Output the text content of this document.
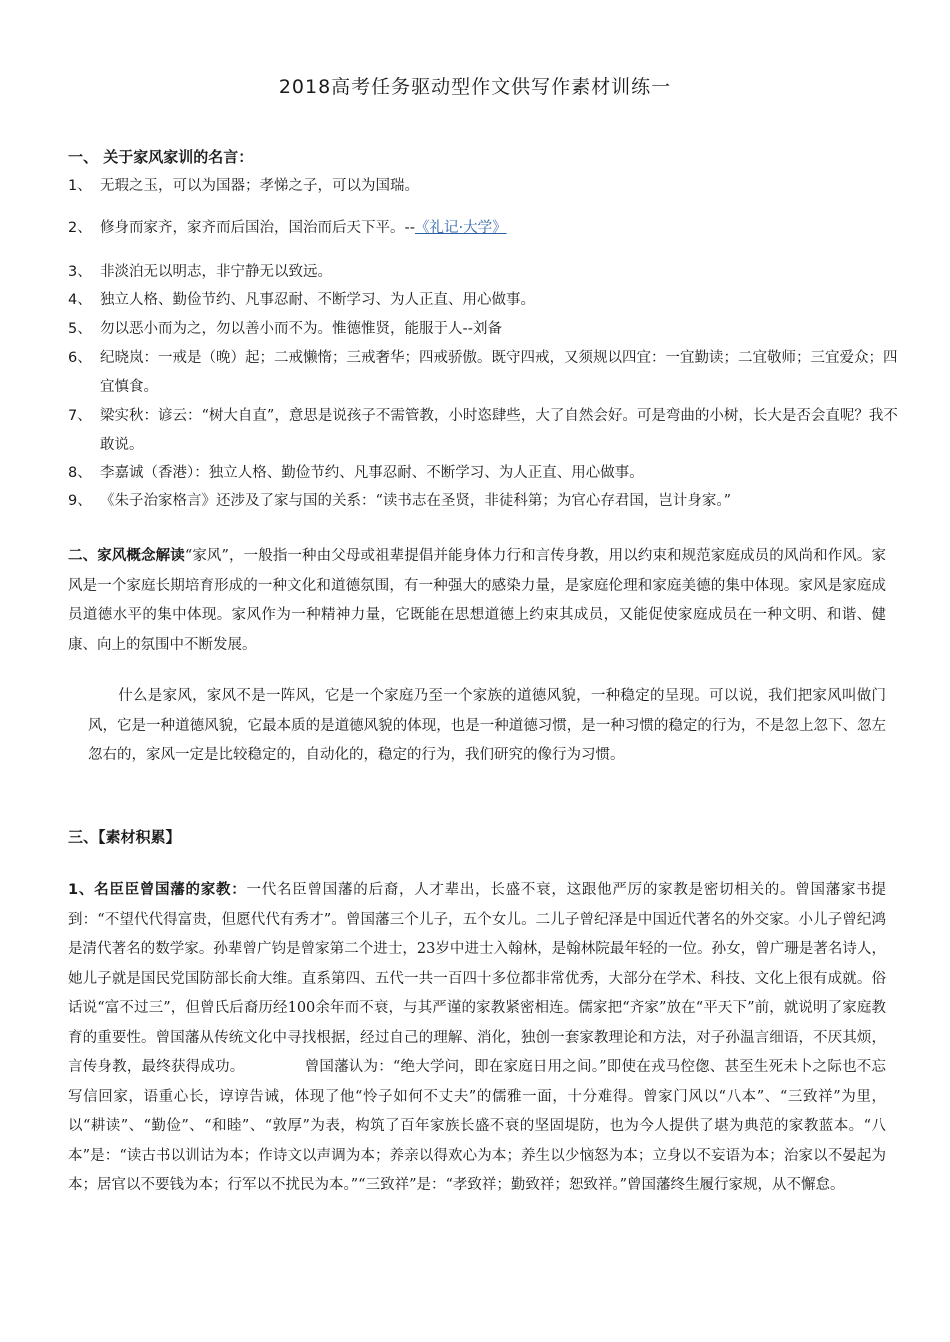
2018高考任务驱动型作文供写作素材训练一
一、 关于家风家训的名言：
1、 无瑕之玉，可以为国器；孝悌之子，可以为国瑞。
2、 修身而家齐，家齐而后国治，国治而后天下平。--《礼记·大学》
3、 非淡泊无以明志，非宁静无以致远。
4、 独立人格、勤俭节约、凡事忍耐、不断学习、为人正直、用心做事。
5、 勿以恶小而为之，勿以善小而不为。惟德惟贤，能服于人--刘备
6、 纪晓岚：一戒是（晚）起；二戒懒惰；三戒奢华；四戒骄傲。既守四戒，又须规以四宜：一宜勤读；二宜敬师；三宜爱众；四宜慎食。
7、 梁实秋：谚云：“树大自直”，意思是说孩子不需管教，小时恣肆些，大了自然会好。可是弯曲的小树，长大是否会直呢？我不敢说。
8、 李嘉诚（香港）：独立人格、勤俭节约、凡事忍耐、不断学习、为人正直、用心做事。
9、 《朱子治家格言》还涉及了家与国的关系：“读书志在圣贤，非徒科第；为官心存君国，岂计身家。”
二、家风概念解读“家风”，一般指一种由父母或祖辈提倡并能身体力行和言传身教，用以约束和规范家庭成员的风尚和作风。家风是一个家庭长期培育形成的一种文化和道德氛围，有一种强大的感染力量，是家庭伦理和家庭美德的集中体现。家风是家庭成员道德水平的集中体现。家风作为一种精神力量，它既能在思想道德上约束其成员，又能促使家庭成员在一种文明、和谐、健康、向上的氛围中不断发展。
什么是家风，家风不是一阵风，它是一个家庭乃至一个家族的道德风貌，一种稳定的呈现。可以说，我们把家风叫做门风，它是一种道德风貌，它最本质的是道德风貌的体现，也是一种道德习惯，是一种习惯的稳定的行为，不是忽上忽下、忽左忽右的，家风一定是比较稳定的，自动化的，稳定的行为，我们研究的像行为习惯。
三、【素材积累】
1、名臣臣曾国藩的家教：一代名臣曾国藩的后裔，人才辈出，长盛不衰，这跟他严厉的家教是密切相关的。曾国藩家书提到：“不望代代得富贵，但愿代代有秀才”。曾国藩三个儿子，五个女儿。二儿子曾纪泽是中国近代著名的外交家。小儿子曾纪鸿是清代著名的数学家。孙辈曾广钧是曾家第二个进士，23岁中进士入翰林，是翰林院最年轻的一位。孙女，曾广珊是著名诗人，她儿子就是国民党国防部长俞大维。直系第四、五代一共一百四十多位都非常优秀，大部分在学术、科技、文化上很有成就。俗话说“富不过三”，但曾氏后裔历经100余年而不衰，与其严谨的家教紧密相连。儒家把“齐家”放在“平天下”前，就说明了家庭教育的重要性。曾国藩从传统文化中寻找根据，经过自己的理解、消化，独创一套家教理论和方法，对子孙温言细语，不厌其烦，言传身教，最终获得成功。	曾国藩认为：“绝大学问，即在家庭日用之间。”即使在戎马倥偬、甚至生死未卜之际也不忘写信回家，语重心长，谆谆告诫，体现了他“怜子如何不丈夫”的儒雅一面，十分难得。曾家门风以“八本”、“三致祥”为里，以“耕读”、“勤俭”、“和睦”、“敦厚”为表，构筑了百年家族长盛不衰的坚固堤防，也为今人提供了堪为典范的家教蓝本。“八本”是：“读古书以训诂为本；作诗文以声调为本；养亲以得欢心为本；养生以少恼怒为本；立身以不妄语为本；治家以不晏起为本；居官以不要钱为本；行军以不扰民为本。”“三致祥”是：“孝致祥；勤致祥；恕致祥。”曾国藩终生履行家规，从不懈怠。
